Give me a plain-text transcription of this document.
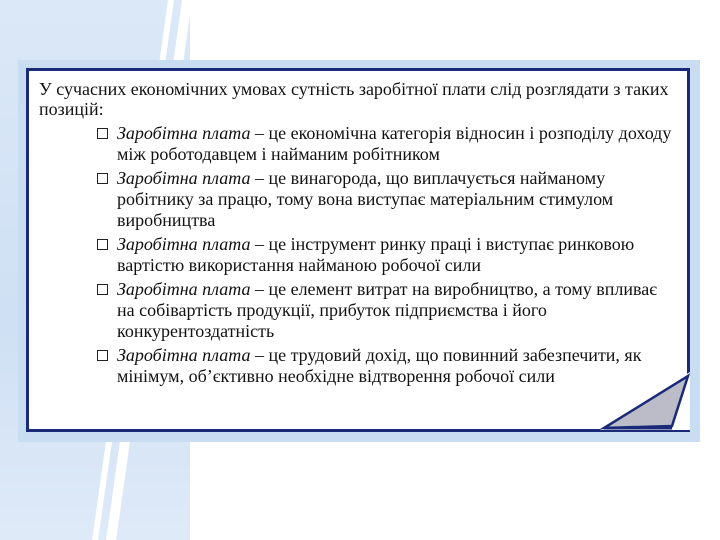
У сучасних економічних умовах сутність заробітної плати слід розглядати з таких позицій:

Заробітна плата – це економічна категорія відносин і розподілу доходу між роботодавцем і найманим робітником
Заробітна плата – це винагорода, що виплачується найманому робітнику за працю, тому вона виступає матеріальним стимулом виробництва
Заробітна плата – це інструмент ринку праці і виступає ринковою вартістю використання найманою робочої сили
Заробітна плата – це елемент витрат на виробництво, а тому впливає на собівартість продукції, прибуток підприємства і його конкурентоздатність
Заробітна плата – це трудовий дохід, що повинний забезпечити, як мінімум, об’єктивно необхідне відтворення робочої сили
